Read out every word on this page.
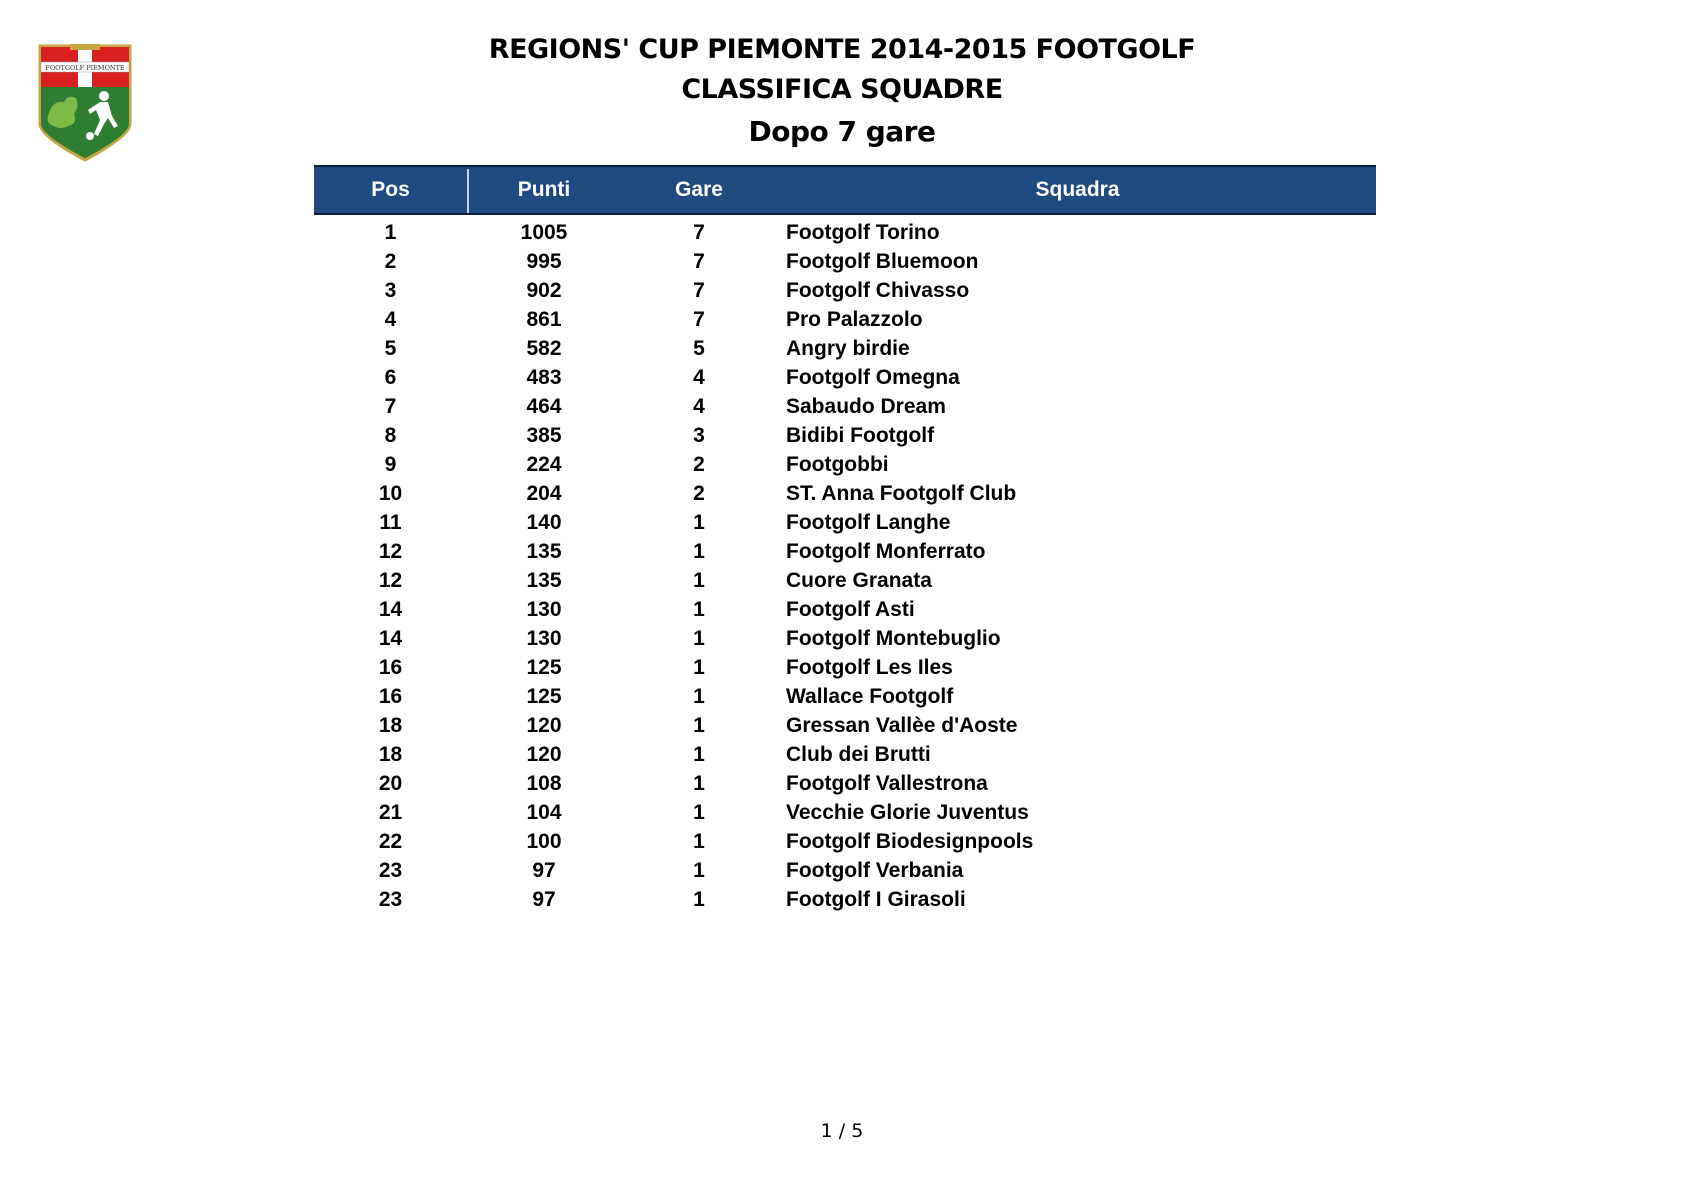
FOOTGOLF PIEMONTE
REGIONS' CUP PIEMONTE 2014-2015 FOOTGOLF
CLASSIFICA SQUADRE
Dopo 7 gare
Pos	Punti	Gare	Squadra
1	1005	7	Footgolf Torino
2	995	7	Footgolf Bluemoon
3	902	7	Footgolf Chivasso
4	861	7	Pro Palazzolo
5	582	5	Angry birdie
6	483	4	Footgolf Omegna
7	464	4	Sabaudo Dream
8	385	3	Bidibi Footgolf
9	224	2	Footgobbi
10	204	2	ST. Anna Footgolf Club
11	140	1	Footgolf Langhe
12	135	1	Footgolf Monferrato
12	135	1	Cuore Granata
14	130	1	Footgolf Asti
14	130	1	Footgolf Montebuglio
16	125	1	Footgolf Les Iles
16	125	1	Wallace Footgolf
18	120	1	Gressan Vallèe d'Aoste
18	120	1	Club dei Brutti
20	108	1	Footgolf Vallestrona
21	104	1	Vecchie Glorie Juventus
22	100	1	Footgolf Biodesignpools
23	97	1	Footgolf Verbania
23	97	1	Footgolf I Girasoli
1 / 5
